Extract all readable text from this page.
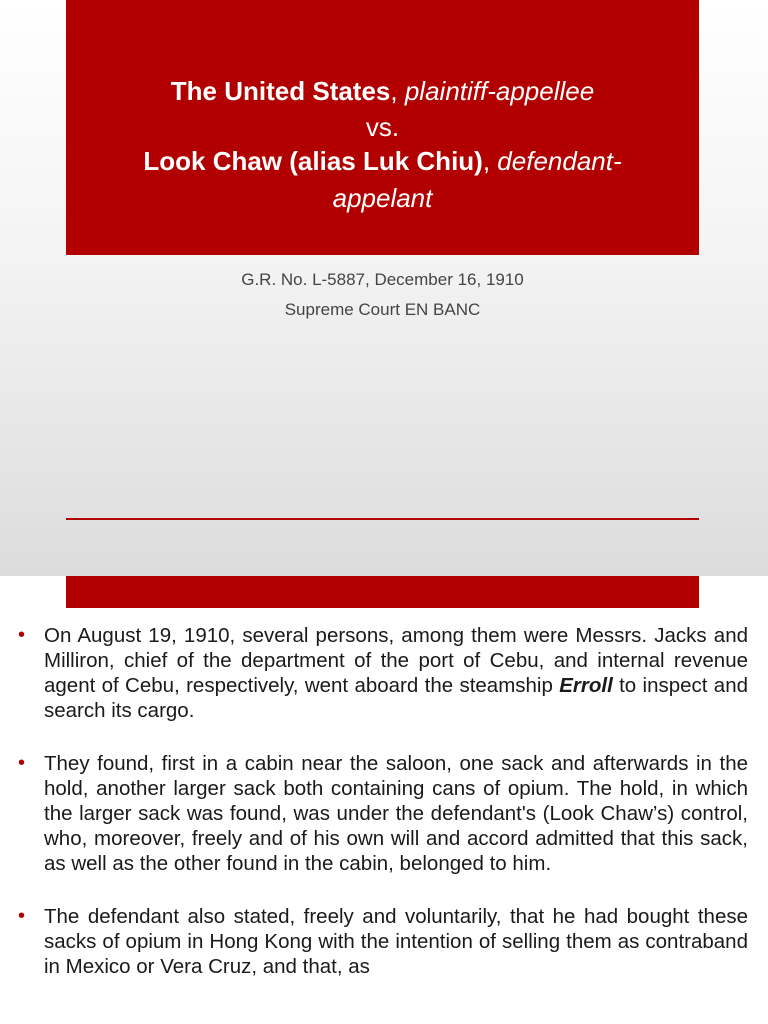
The United States, plaintiff-appellee
vs.
Look Chaw (alias Luk Chiu), defendant-
appelant
G.R. No. L-5887, December 16, 1910
Supreme Court EN BANC
• On August 19, 1910, several persons, among them were Messrs. Jacks and Milliron, chief of the department of the port of Cebu, and internal revenue agent of Cebu, respectively, went aboard the steamship Erroll to inspect and search its cargo.
• They found, first in a cabin near the saloon, one sack and afterwards in the hold, another larger sack both containing cans of opium. The hold, in which the larger sack was found, was under the defendant's (Look Chaw’s) control, who, moreover, freely and of his own will and accord admitted that this sack, as well as the other found in the cabin, belonged to him.
• The defendant also stated, freely and voluntarily, that he had bought these sacks of opium in Hong Kong with the intention of selling them as contraband in Mexico or Vera Cruz, and that, as
